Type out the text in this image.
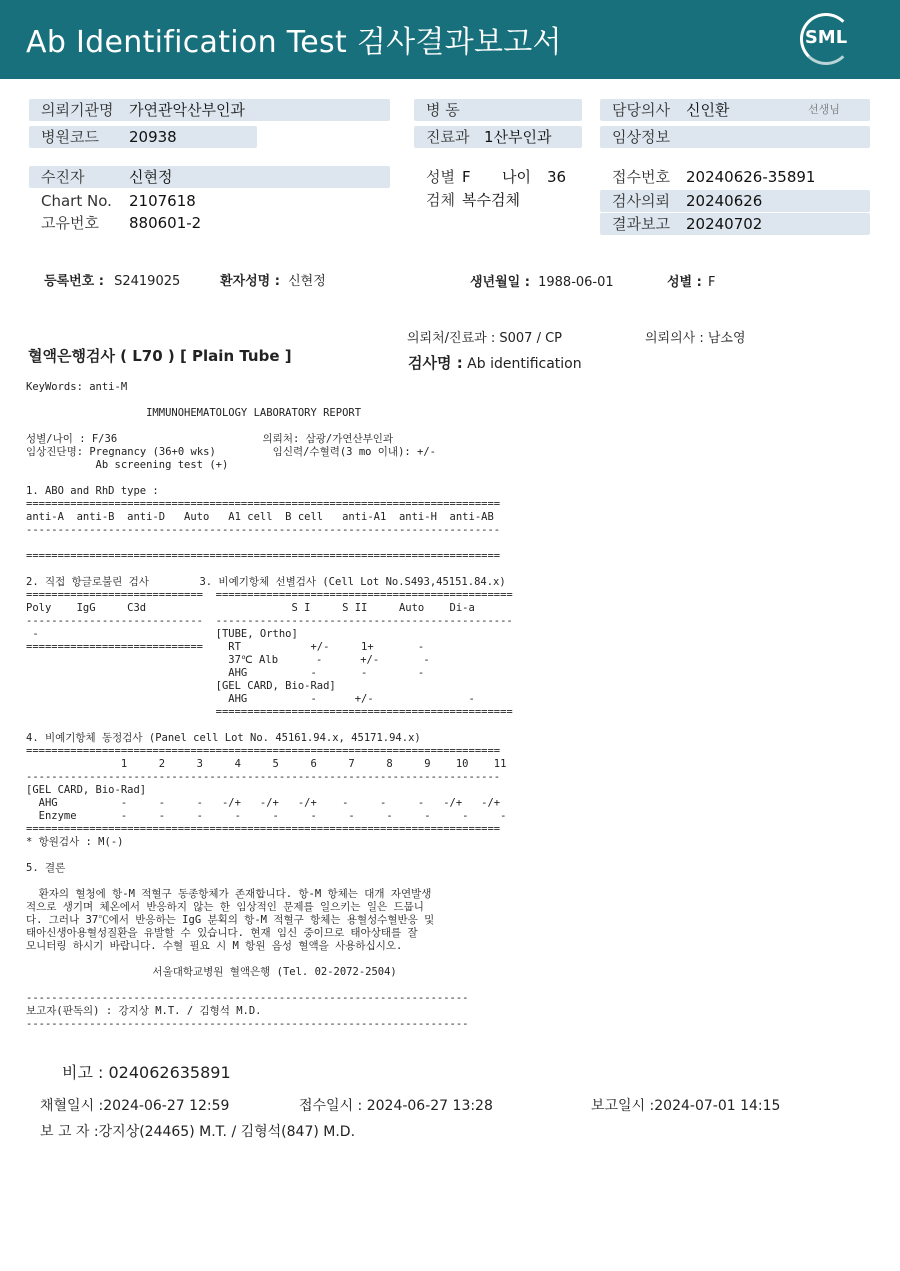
Ab Identification Test 검사결과보고서	SML
의뢰기관명 가연관악산부인과
병원코드 20938
수진자	신현정
Chart No. 2107618
고유번호 880601-2
병 동
진료과 1산부인과
성별 F 나이 36
검체 복수검체
담당의사 신인환	선생님
임상정보
접수번호 20240626-35891
검사의뢰 20240626
결과보고 20240702
등록번호 : S2419025	환자성명 : 신현정	생년월일 : 1988-06-01	성별 : F
의뢰처/진료과 : S007 / CP	의뢰의사 : 남소영
혈액은행검사 ( L70 ) [ Plain Tube ]	검사명 : Ab identification
KeyWords: anti-M

IMMUNOHEMATOLOGY LABORATORY REPORT

성별/나이 : F/36                       의뢰처: 삼광/가연산부인과
임상진단명: Pregnancy (36+0 wks)         임신력/수혈력(3 mo 이내): +/-
Ab screening test (+)

1. ABO and RhD type :
===========================================================================
anti-A  anti-B  anti-D   Auto   A1 cell  B cell   anti-A1  anti-H  anti-AB
---------------------------------------------------------------------------

===========================================================================

2. 직접 항글로불린 검사        3. 비예기항체 선별검사 (Cell Lot No.S493,45151.84.x)
============================  ===============================================
Poly    IgG     C3d                       S I     S II     Auto    Di-a
----------------------------  -----------------------------------------------
-                            [TUBE, Ortho]
============================    RT           +/-     1+       -
37℃ Alb      -      +/-       -
AHG          -       -        -
[GEL CARD, Bio-Rad]
AHG          -      +/-               -
===============================================

4. 비예기항체 동정검사 (Panel cell Lot No. 45161.94.x, 45171.94.x)
===========================================================================
1     2     3     4     5     6     7     8     9    10    11
---------------------------------------------------------------------------
[GEL CARD, Bio-Rad]
AHG          -     -     -   -/+   -/+   -/+    -     -     -   -/+   -/+
Enzyme       -     -     -     -     -     -     -     -     -     -     -
===========================================================================
* 항원검사 : M(-)

5. 결론

환자의 혈청에 항-M 적혈구 동종항체가 존재합니다. 항-M 항체는 대개 자연발생
적으로 생기며 체온에서 반응하지 않는 한 임상적인 문제를 일으키는 일은 드뭅니
다. 그러나 37℃에서 반응하는 IgG 분획의 항-M 적혈구 항체는 용혈성수혈반응 및
태아신생아용혈성질환을 유발할 수 있습니다. 현재 임신 중이므로 태아상태를 잘
모니터링 하시기 바랍니다. 수혈 필요 시 M 항원 음성 혈액을 사용하십시오.

서울대학교병원 혈액은행 (Tel. 02-2072-2504)

----------------------------------------------------------------------
보고자(판독의) : 강지상 M.T. / 김형석 M.D.
----------------------------------------------------------------------
비고 : 024062635891
채혈일시 :2024-06-27 12:59	접수일시 : 2024-06-27 13:28	보고일시 :2024-07-01 14:15
보 고 자 :강지상(24465) M.T. / 김형석(847) M.D.
